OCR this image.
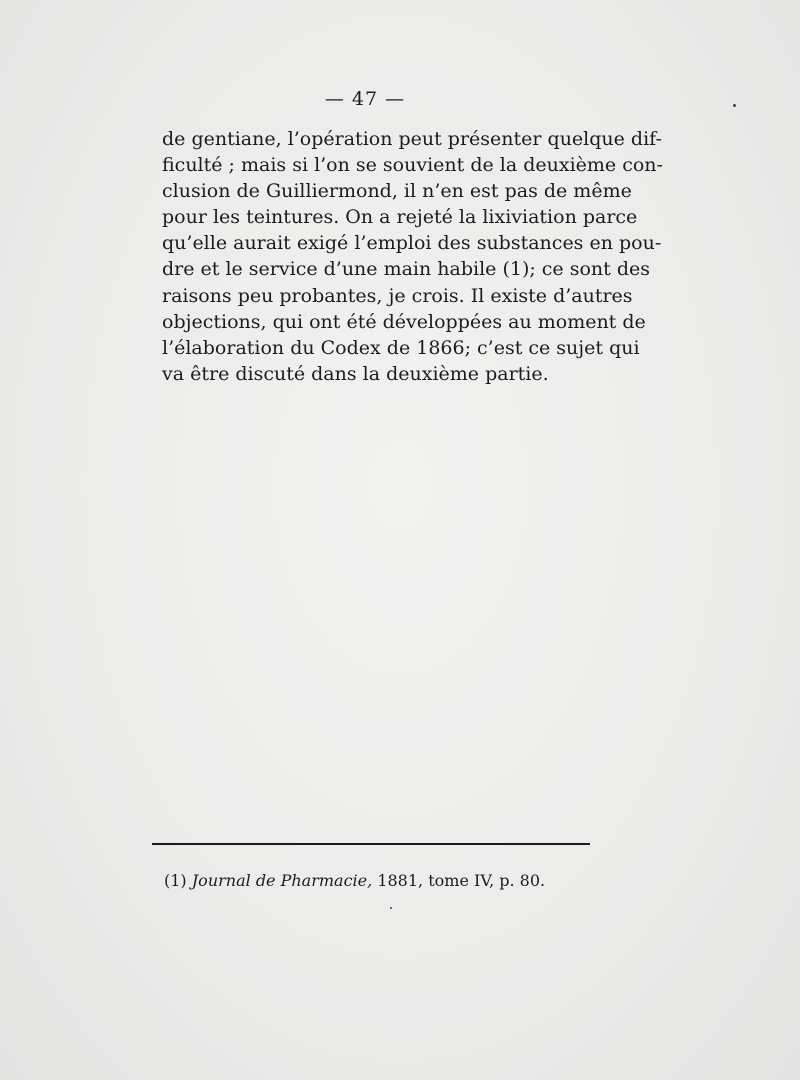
— 47 —
de gentiane, l’opération peut présenter quelque dif-
ficulté ; mais si l’on se souvient de la deuxième con-
clusion de Guilliermond, il n’en est pas de même
pour les teintures. On a rejeté la lixiviation parce
qu’elle aurait exigé l’emploi des substances en pou-
dre et le service d’une main habile (1); ce sont des
raisons peu probantes, je crois. Il existe d’autres
objections, qui ont été développées au moment de
l’élaboration du Codex de 1866; c’est ce sujet qui
va être discuté dans la deuxième partie.
(1) Journal de Pharmacie, 1881, tome IV, p. 80.
